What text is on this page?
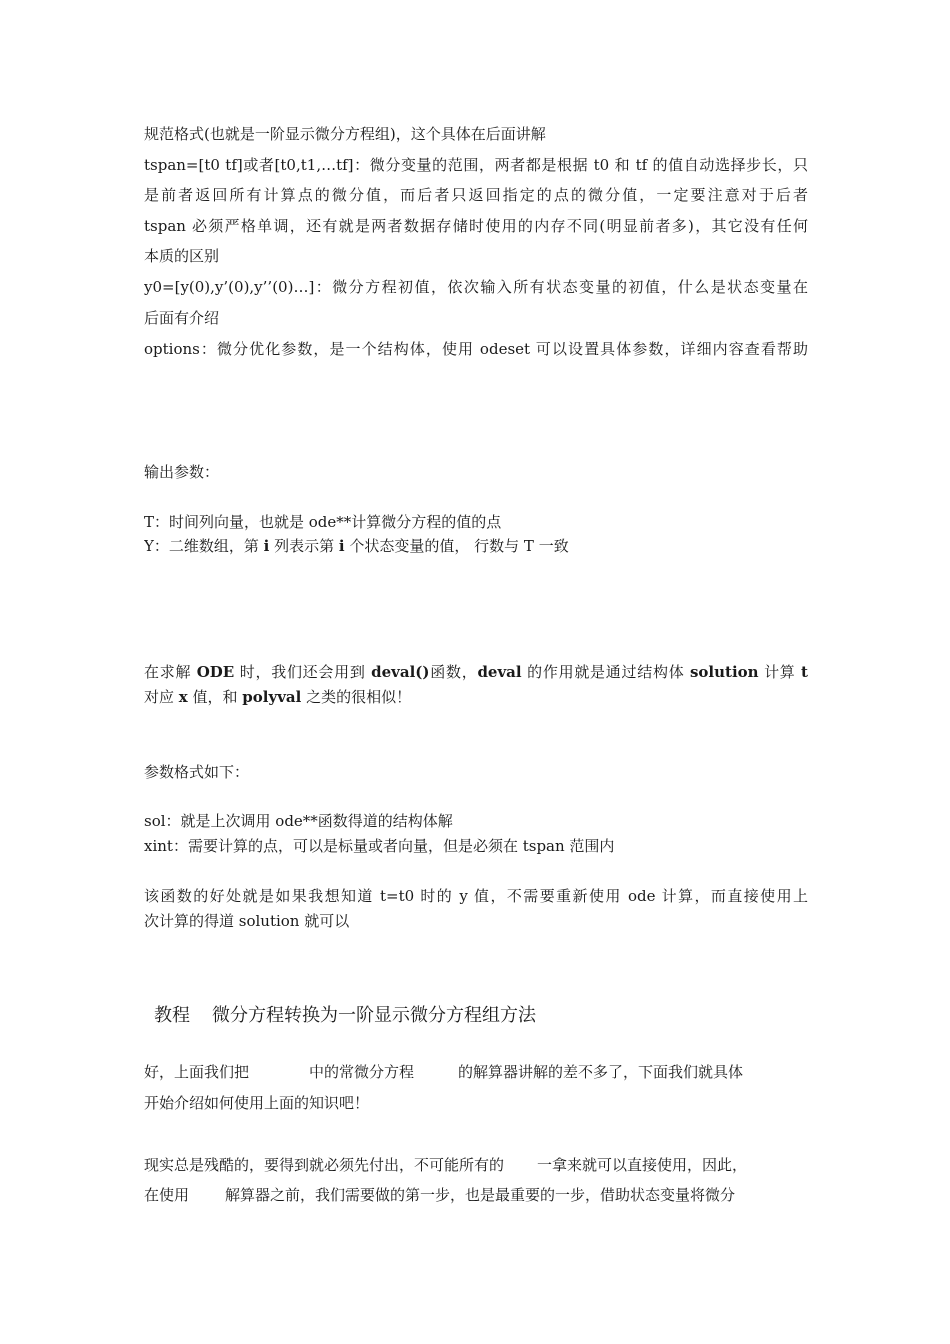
规范格式(也就是一阶显示微分方程组)，这个具体在后面讲解
tspan=[t0 tf]或者[t0,t1,…tf]：微分变量的范围，两者都是根据 t0 和 tf 的值自动选择步长，只
是前者返回所有计算点的微分值，而后者只返回指定的点的微分值，一定要注意对于后者
tspan 必须严格单调，还有就是两者数据存储时使用的内存不同(明显前者多)，其它没有任何
本质的区别
y0=[y(0),y’(0),y’’(0)…]：微分方程初值，依次输入所有状态变量的初值，什么是状态变量在
后面有介绍
options：微分优化参数，是一个结构体，使用 odeset 可以设置具体参数，详细内容查看帮助
输出参数：
T：时间列向量，也就是 ode**计算微分方程的值的点
Y：二维数组，第 i 列表示第 i 个状态变量的值， 行数与 T 一致
在求解 ODE 时，我们还会用到 deval()函数，deval 的作用就是通过结构体 solution 计算 t
对应 x 值，和 polyval 之类的很相似！
参数格式如下：
sol：就是上次调用 ode**函数得道的结构体解
xint：需要计算的点，可以是标量或者向量，但是必须在 tspan 范围内
该函数的好处就是如果我想知道 t=t0 时的 y 值，不需要重新使用 ode 计算，而直接使用上
次计算的得道 solution 就可以
教程 微分方程转换为一阶显示微分方程组方法
好，上面我们把	中的常微分方程	的解算器讲解的差不多了，下面我们就具体
开始介绍如何使用上面的知识吧！
现实总是残酷的，要得到就必须先付出，不可能所有的 一拿来就可以直接使用，因此，
在使用 解算器之前，我们需要做的第一步，也是最重要的一步，借助状态变量将微分
